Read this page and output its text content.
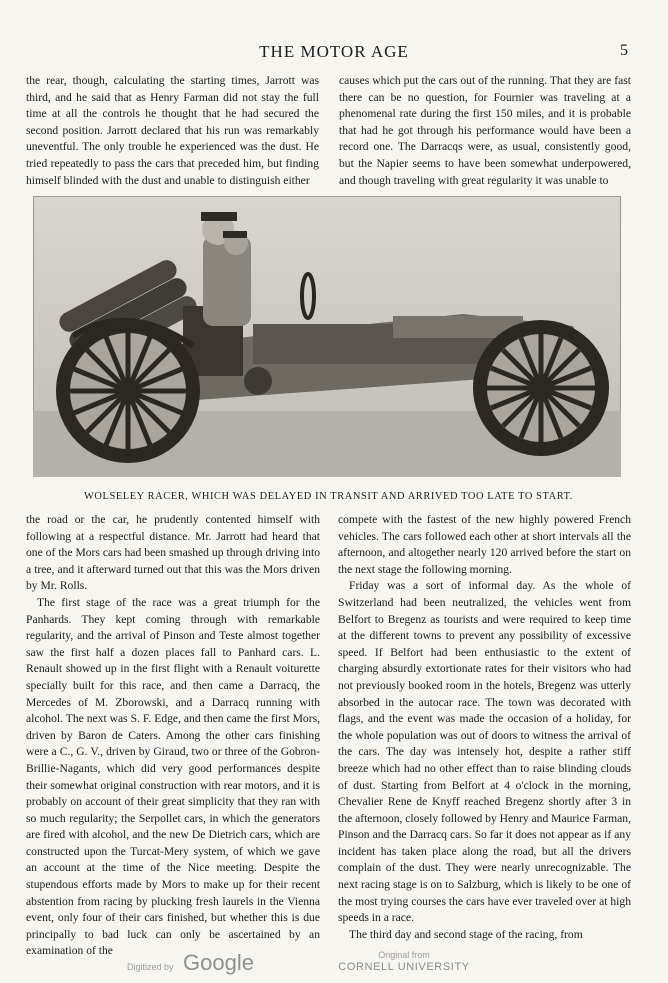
THE MOTOR AGE	5

the rear, though, calculating the starting times, Jarrott was third, and he said that as Henry Farman did not stay the full time at all the controls he thought that he had secured the second position. Jarrott declared that his run was remarkably uneventful. The only trouble he experienced was the dust. He tried repeatedly to pass the cars that preceded him, but finding himself blinded with the dust and unable to distinguish either

causes which put the cars out of the running. That they are fast there can be no question, for Fournier was traveling at a phenomenal rate during the first 150 miles, and it is probable that had he got through his performance would have been a record one. The Darracqs were, as usual, consistently good, but the Napier seems to have been somewhat underpowered, and though traveling with great regularity it was unable to

WOLSELEY RACER, WHICH WAS DELAYED IN TRANSIT AND ARRIVED TOO LATE TO START.

the road or the car, he prudently contented himself with following at a respectful distance. Mr. Jarrott had heard that one of the Mors cars had been smashed up through driving into a tree, and it afterward turned out that this was the Mors driven by Mr. Rolls.

The first stage of the race was a great triumph for the Panhards. They kept coming through with remarkable regularity, and the arrival of Pinson and Teste almost together saw the first half a dozen places fall to Panhard cars. L. Renault showed up in the first flight with a Renault voiturette specially built for this race, and then came a Darracq, the Mercedes of M. Zborowski, and a Darracq running with alcohol. The next was S. F. Edge, and then came the first Mors, driven by Baron de Caters. Among the other cars finishing were a C., G. V., driven by Giraud, two or three of the Gobron-Brillie-Nagants, which did very good performances despite their somewhat original construction with rear motors, and it is probably on account of their great simplicity that they ran with so much regularity; the Serpollet cars, in which the generators are fired with alcohol, and the new De Dietrich cars, which are constructed upon the Turcat-Mery system, of which we gave an account at the time of the Nice meeting. Despite the stupendous efforts made by Mors to make up for their recent abstention from racing by plucking fresh laurels in the Vienna event, only four of their cars finished, but whether this is due principally to bad luck can only be ascertained by an examination of the

compete with the fastest of the new highly powered French vehicles. The cars followed each other at short intervals all the afternoon, and altogether nearly 120 arrived before the start on the next stage the following morning.

Friday was a sort of informal day. As the whole of Switzerland had been neutralized, the vehicles went from Belfort to Bregenz as tourists and were required to keep time at the different towns to prevent any possibility of excessive speed. If Belfort had been enthusiastic to the extent of charging absurdly extortionate rates for their visitors who had not previously booked room in the hotels, Bregenz was utterly absorbed in the autocar race. The town was decorated with flags, and the event was made the occasion of a holiday, for the whole population was out of doors to witness the arrival of the cars. The day was intensely hot, despite a rather stiff breeze which had no other effect than to raise blinding clouds of dust. Starting from Belfort at 4 o'clock in the morning, Chevalier Rene de Knyff reached Bregenz shortly after 3 in the afternoon, closely followed by Henry and Maurice Farman, Pinson and the Darracq cars. So far it does not appear as if any incident has taken place along the road, but all the drivers complain of the dust. They were nearly unrecognizable. The next racing stage is on to Salzburg, which is likely to be one of the most trying courses the cars have ever traveled over at high speeds in a race.

The third day and second stage of the racing, from

Digitized by Google	Original from
CORNELL UNIVERSITY
